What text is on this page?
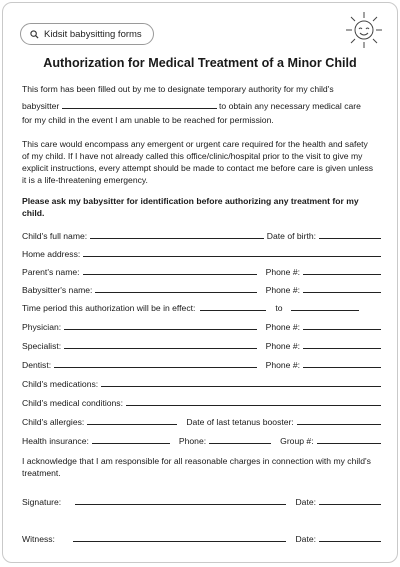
Kidsit babysitting forms
Authorization for Medical Treatment of a Minor Child

This form has been filled out by me to designate temporary authority for my child's

babysitter	to obtain any necessary medical care

for my child in the event I am unable to be reached for permission.

This care would encompass any emergent or urgent care required for the health and safety of my child. If I have not already called this office/clinic/hospital prior to the visit to give my explicit instructions, every attempt should be made to contact me before care is given unless it is a life-threatening emergency.

Please ask my babysitter for identification before authorizing any treatment for my child.

Child's full name:	Date of birth:
Home address:
Parent's name:	Phone #:
Babysitter's name:	Phone #:
Time period this authorization will be in effect:	to
Physician:	Phone #:
Specialist:	Phone #:
Dentist:	Phone #:
Child's medications:
Child's medical conditions:
Child's allergies:	Date of last tetanus booster:
Health insurance:	Phone:	Group #:

I acknowledge that I am responsible for all reasonable charges in connection with my child's treatment.

Signature:	Date:
Witness:	Date:
